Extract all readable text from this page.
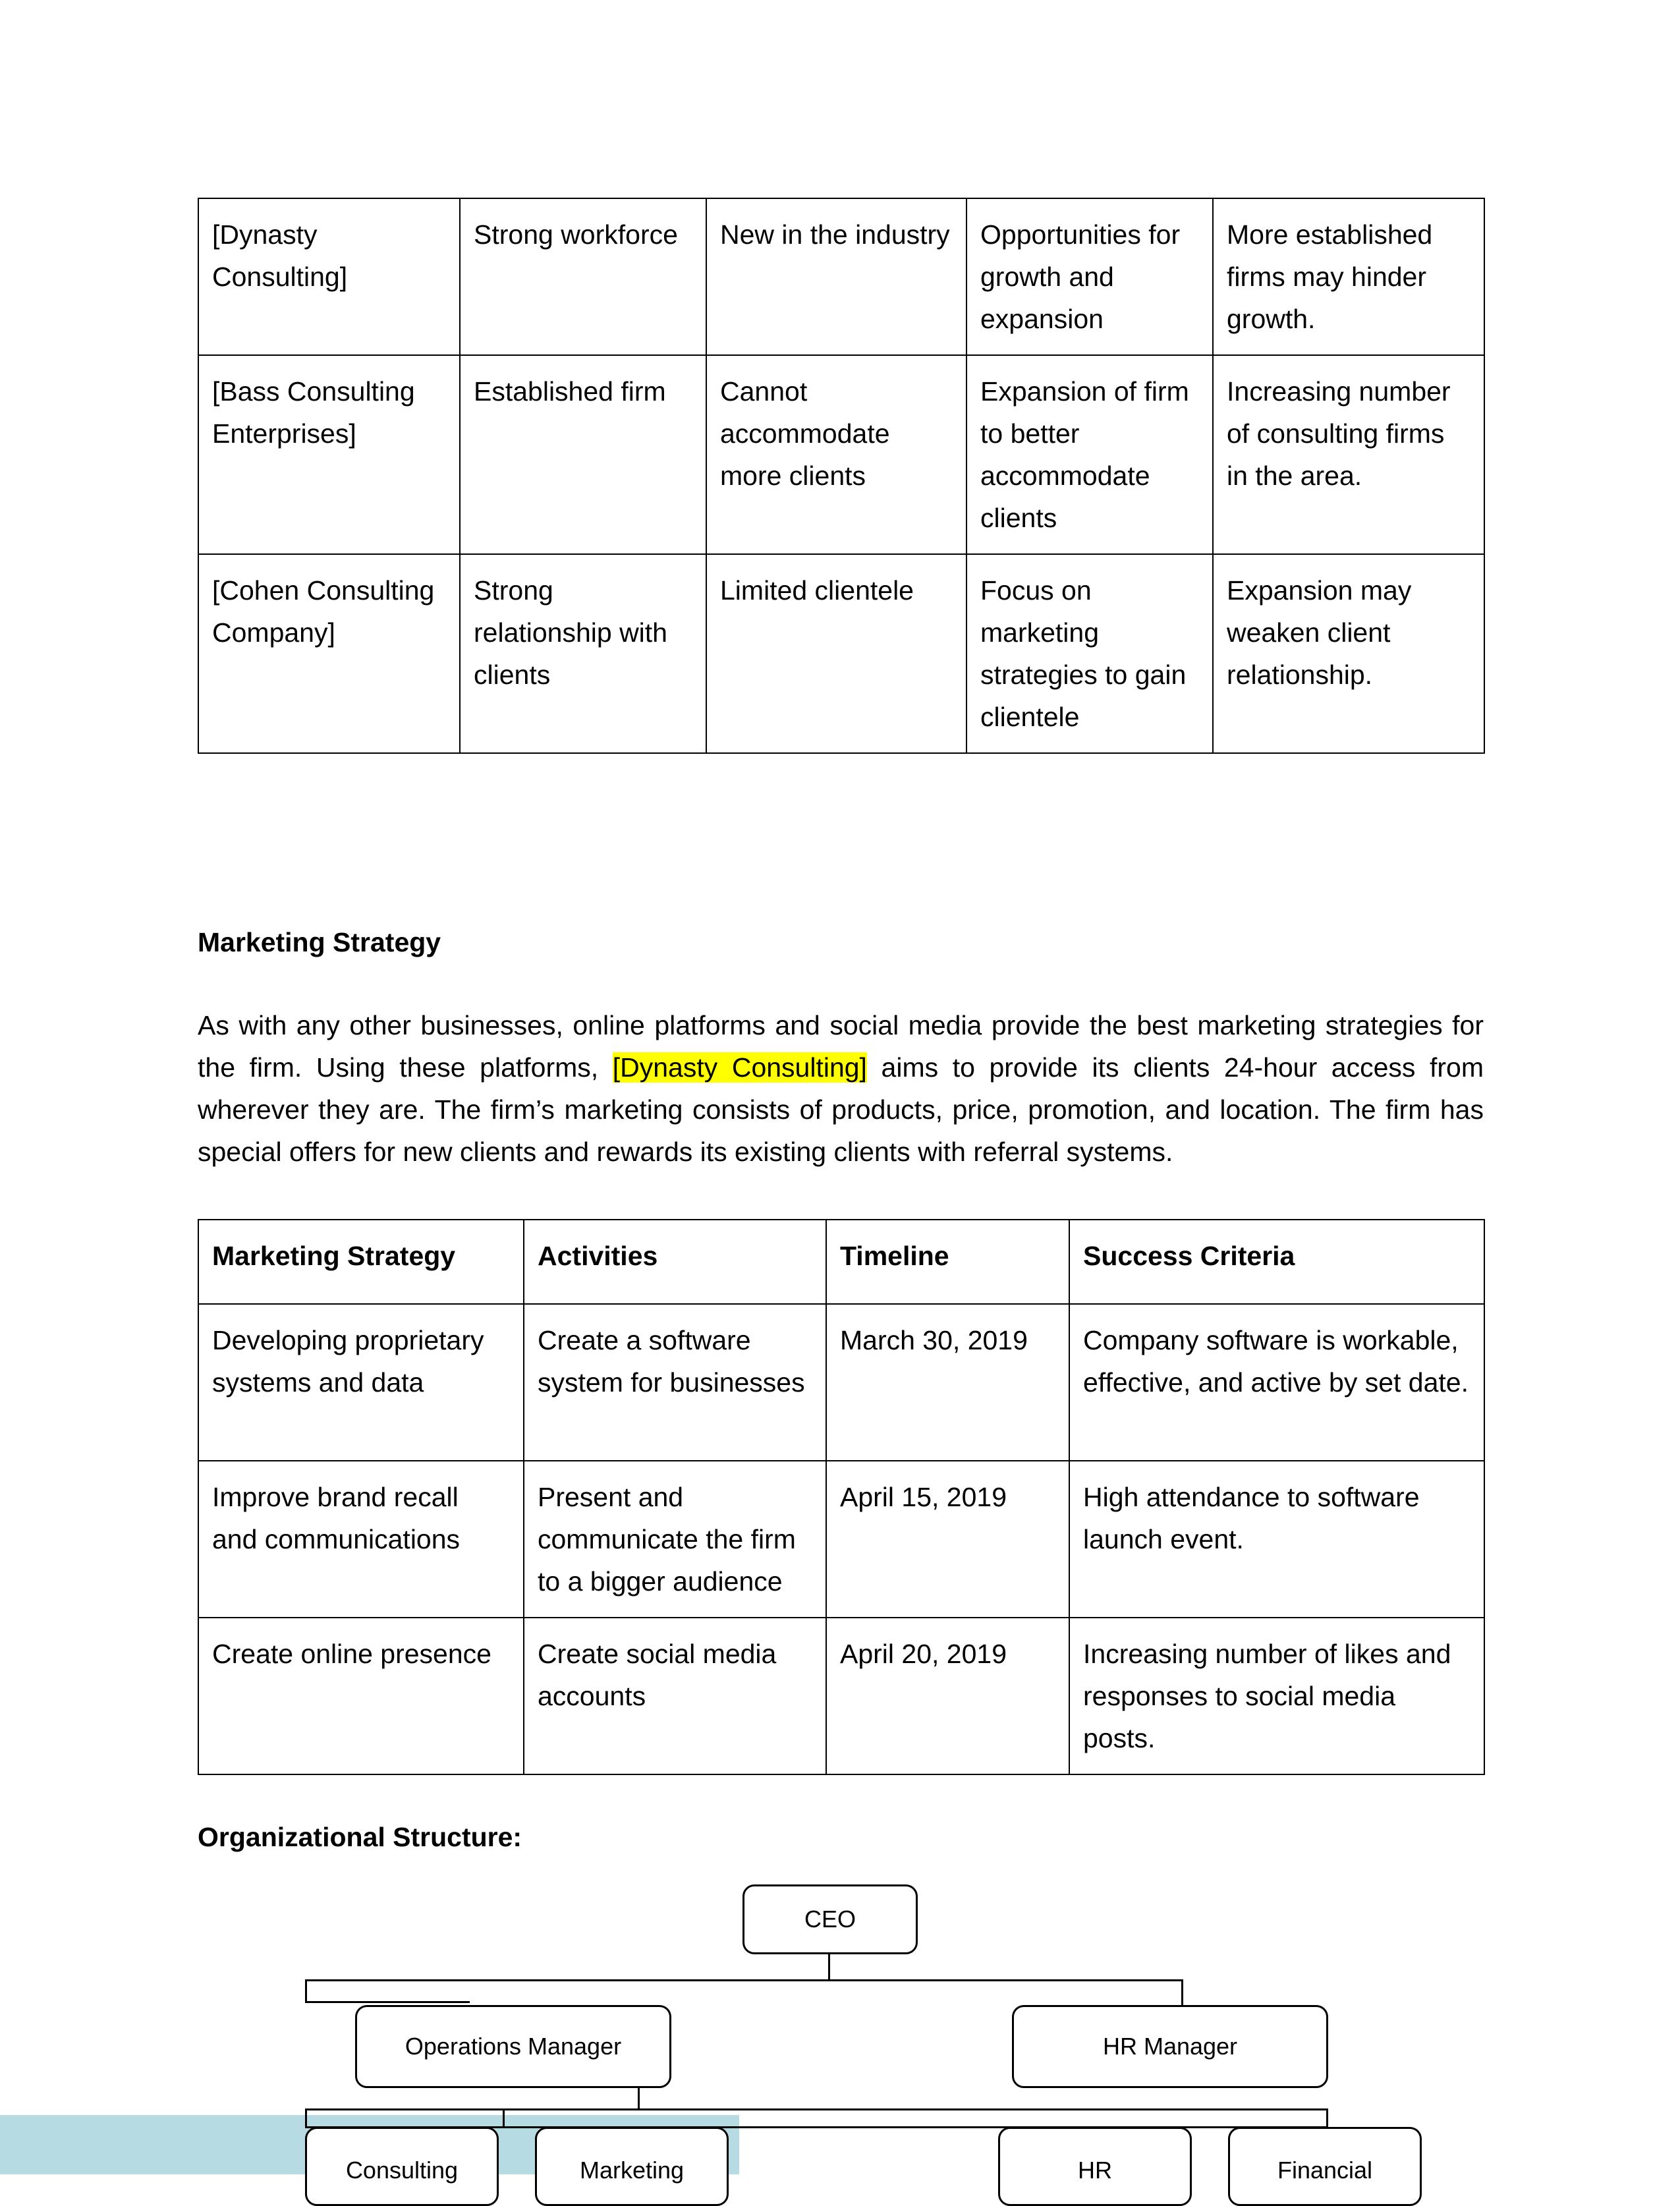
[Dynasty Consulting]	Strong workforce	New in the industry	Opportunities for growth and expansion	More established firms may hinder growth.
[Bass Consulting Enterprises]	Established firm	Cannot accommodate more clients	Expansion of firm to better accommodate clients	Increasing number of consulting firms in the area.
[Cohen Consulting Company]	Strong relationship with clients	Limited clientele	Focus on marketing strategies to gain clientele	Expansion may weaken client relationship.
Marketing Strategy

As with any other businesses, online platforms and social media provide the best marketing strategies for the firm. Using these platforms, [Dynasty Consulting] aims to provide its clients 24-hour access from wherever they are. The firm’s marketing consists of products, price, promotion, and location. The firm has special offers for new clients and rewards its existing clients with referral systems.

Marketing Strategy	Activities	Timeline	Success Criteria
Developing proprietary systems and data	Create a software system for businesses	March 30, 2019	Company software is workable, effective, and active by set date.
Improve brand recall and communications	Present and communicate the firm to a bigger audience	April 15, 2019	High attendance to software launch event.
Create online presence	Create social media accounts	April 20, 2019	Increasing number of likes and responses to social media posts.
Organizational Structure:
CEO
Operations Manager	HR Manager
Consulting	Marketing	HR	Financial
